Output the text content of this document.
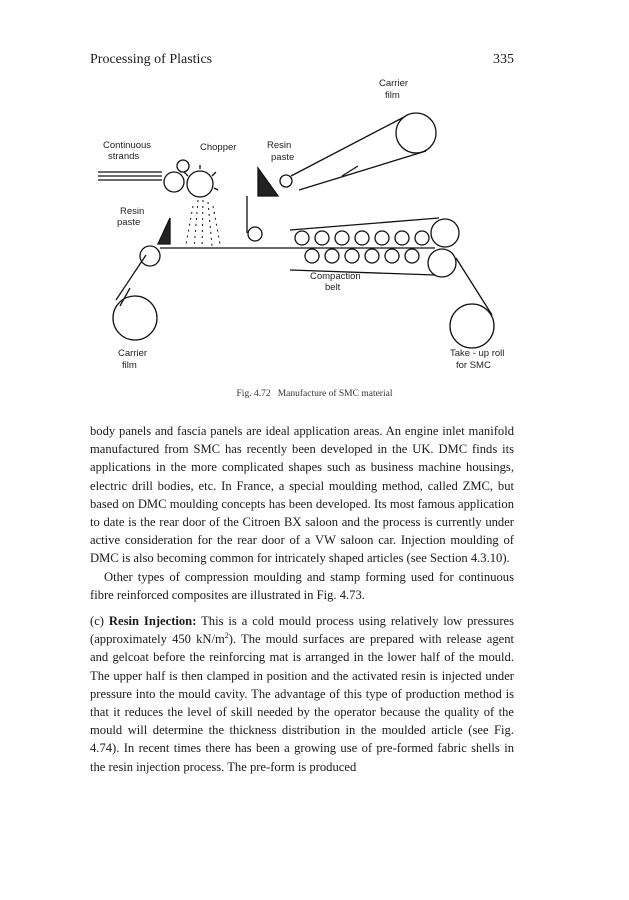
Processing of Plastics	335
Carrier
film
Continuous
strands
Chopper	Resin
paste
Resin
paste
Compaction
belt
Carrier
film
Take - up roll
for SMC
Fig. 4.72 Manufacture of SMC material

body panels and fascia panels are ideal application areas. An engine inlet manifold manufactured from SMC has recently been developed in the UK. DMC finds its applications in the more complicated shapes such as business machine housings, electric drill bodies, etc. In France, a special moulding method, called ZMC, but based on DMC moulding concepts has been developed. Its most famous application to date is the rear door of the Citroen BX saloon and the process is currently under active consideration for the rear door of a VW saloon car. Injection moulding of DMC is also becoming common for intricately shaped articles (see Section 4.3.10).

Other types of compression moulding and stamp forming used for continuous fibre reinforced composites are illustrated in Fig. 4.73.

(c) Resin Injection: This is a cold mould process using relatively low pressures (approximately 450 $kN/m^2$). The mould surfaces are prepared with release agent and gelcoat before the reinforcing mat is arranged in the lower half of the mould. The upper half is then clamped in position and the activated resin is injected under pressure into the mould cavity. The advantage of this type of production method is that it reduces the level of skill needed by the operator because the quality of the mould will determine the thickness distribution in the moulded article (see Fig. 4.74). In recent times there has been a growing use of pre-formed fabric shells in the resin injection process. The pre-form is produced
